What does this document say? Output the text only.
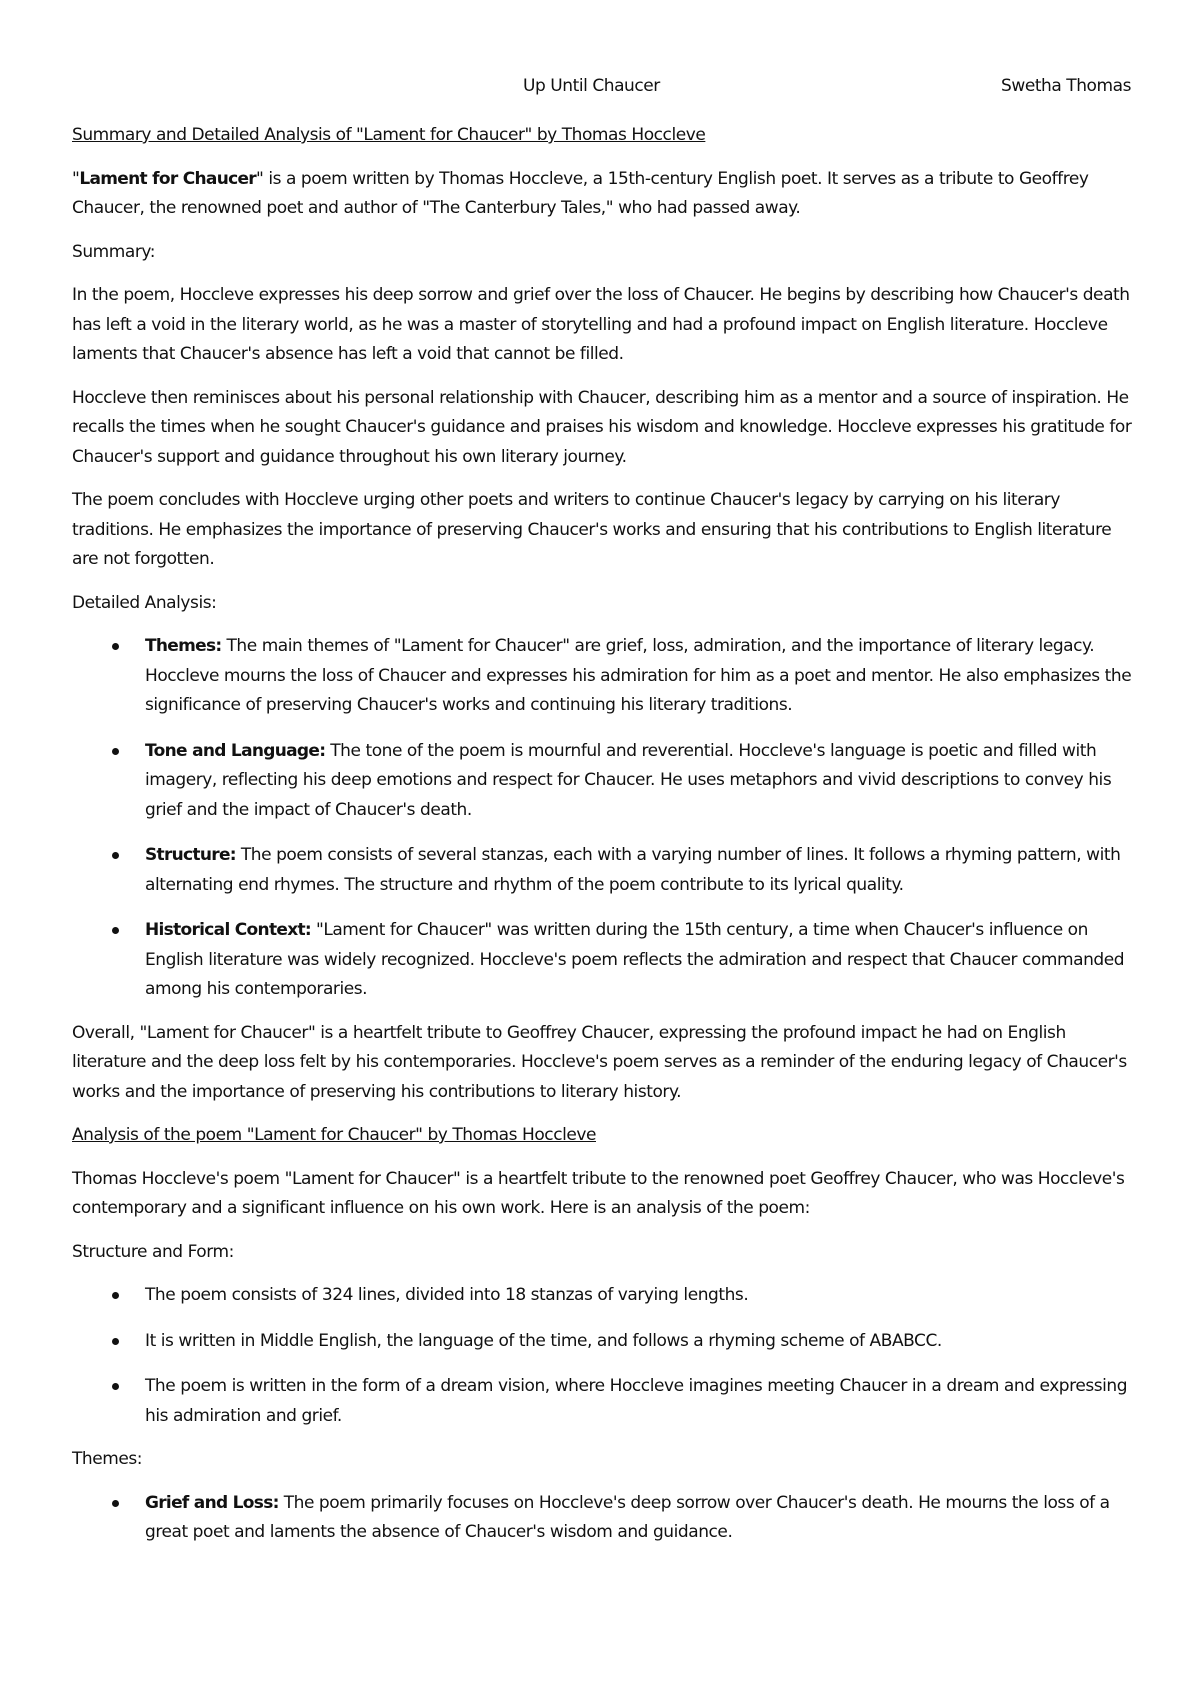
Up Until Chaucer	Swetha Thomas

Summary and Detailed Analysis of "Lament for Chaucer" by Thomas Hoccleve

"Lament for Chaucer" is a poem written by Thomas Hoccleve, a 15th-century English poet. It serves as a tribute to Geoffrey Chaucer, the renowned poet and author of "The Canterbury Tales," who had passed away.

Summary:

In the poem, Hoccleve expresses his deep sorrow and grief over the loss of Chaucer. He begins by describing how Chaucer's death has left a void in the literary world, as he was a master of storytelling and had a profound impact on English literature. Hoccleve laments that Chaucer's absence has left a void that cannot be filled.

Hoccleve then reminisces about his personal relationship with Chaucer, describing him as a mentor and a source of inspiration. He recalls the times when he sought Chaucer's guidance and praises his wisdom and knowledge. Hoccleve expresses his gratitude for Chaucer's support and guidance throughout his own literary journey.

The poem concludes with Hoccleve urging other poets and writers to continue Chaucer's legacy by carrying on his literary traditions. He emphasizes the importance of preserving Chaucer's works and ensuring that his contributions to English literature are not forgotten.

Detailed Analysis:

Themes: The main themes of "Lament for Chaucer" are grief, loss, admiration, and the importance of literary legacy. Hoccleve mourns the loss of Chaucer and expresses his admiration for him as a poet and mentor. He also emphasizes the significance of preserving Chaucer's works and continuing his literary traditions.
Tone and Language: The tone of the poem is mournful and reverential. Hoccleve's language is poetic and filled with imagery, reflecting his deep emotions and respect for Chaucer. He uses metaphors and vivid descriptions to convey his grief and the impact of Chaucer's death.
Structure: The poem consists of several stanzas, each with a varying number of lines. It follows a rhyming pattern, with alternating end rhymes. The structure and rhythm of the poem contribute to its lyrical quality.
Historical Context: "Lament for Chaucer" was written during the 15th century, a time when Chaucer's influence on English literature was widely recognized. Hoccleve's poem reflects the admiration and respect that Chaucer commanded among his contemporaries.

Overall, "Lament for Chaucer" is a heartfelt tribute to Geoffrey Chaucer, expressing the profound impact he had on English literature and the deep loss felt by his contemporaries. Hoccleve's poem serves as a reminder of the enduring legacy of Chaucer's works and the importance of preserving his contributions to literary history.

Analysis of the poem "Lament for Chaucer" by Thomas Hoccleve

Thomas Hoccleve's poem "Lament for Chaucer" is a heartfelt tribute to the renowned poet Geoffrey Chaucer, who was Hoccleve's contemporary and a significant influence on his own work. Here is an analysis of the poem:

Structure and Form:

The poem consists of 324 lines, divided into 18 stanzas of varying lengths.
It is written in Middle English, the language of the time, and follows a rhyming scheme of ABABCC.
The poem is written in the form of a dream vision, where Hoccleve imagines meeting Chaucer in a dream and expressing his admiration and grief.

Themes:

Grief and Loss: The poem primarily focuses on Hoccleve's deep sorrow over Chaucer's death. He mourns the loss of a great poet and laments the absence of Chaucer's wisdom and guidance.
